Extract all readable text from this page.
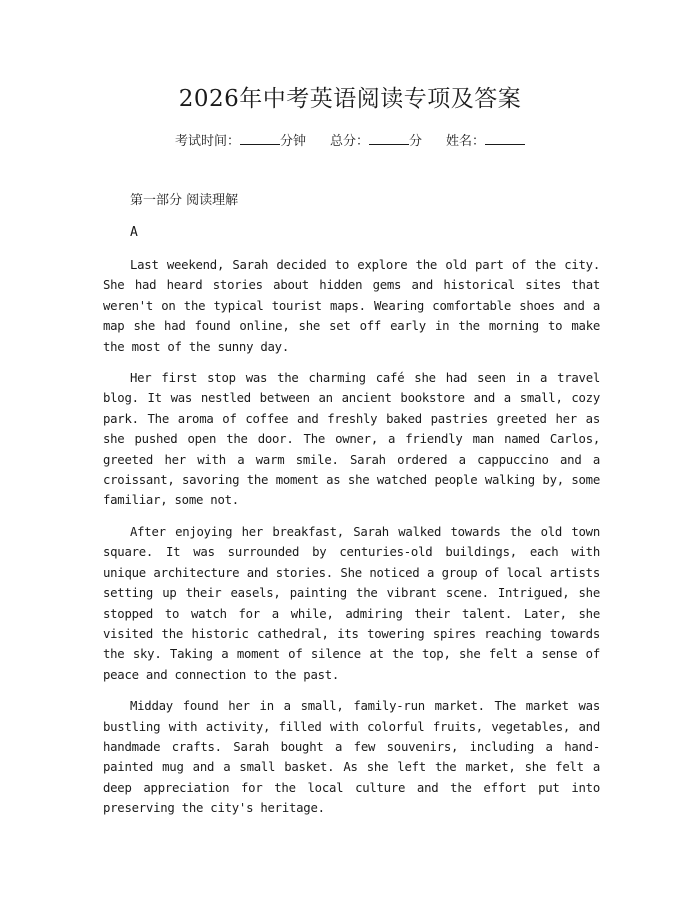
2026年中考英语阅读专项及答案
考试时间：	分钟 总分：	分 姓名：
第一部分 阅读理解
A

Last weekend, Sarah decided to explore the old part of the city. She had heard stories about hidden gems and historical sites that weren't on the typical tourist maps. Wearing comfortable shoes and a map she had found online, she set off early in the morning to make the most of the sunny day.

Her first stop was the charming café she had seen in a travel blog. It was nestled between an ancient bookstore and a small, cozy park. The aroma of coffee and freshly baked pastries greeted her as she pushed open the door. The owner, a friendly man named Carlos, greeted her with a warm smile. Sarah ordered a cappuccino and a croissant, savoring the moment as she watched people walking by, some familiar, some not.

After enjoying her breakfast, Sarah walked towards the old town square. It was surrounded by centuries-old buildings, each with unique architecture and stories. She noticed a group of local artists setting up their easels, painting the vibrant scene. Intrigued, she stopped to watch for a while, admiring their talent. Later, she visited the historic cathedral, its towering spires reaching towards the sky. Taking a moment of silence at the top, she felt a sense of peace and connection to the past.

Midday found her in a small, family-run market. The market was bustling with activity, filled with colorful fruits, vegetables, and handmade crafts. Sarah bought a few souvenirs, including a hand-painted mug and a small basket. As she left the market, she felt a deep appreciation for the local culture and the effort put into preserving the city's heritage.
